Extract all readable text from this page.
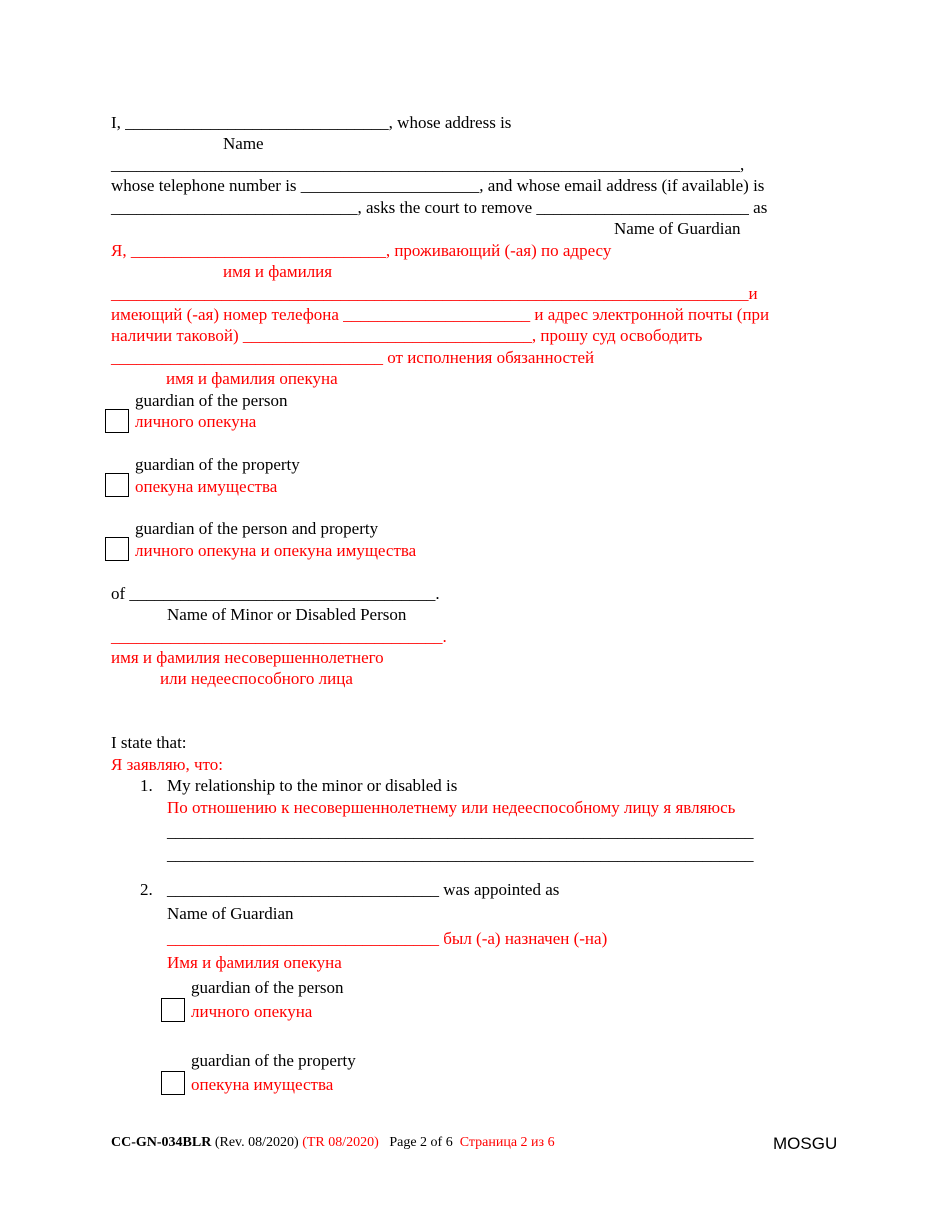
I, _______________________________, whose address is
Name
__________________________________________________________________________,
whose telephone number is _____________________, and whose email address (if available) is
_____________________________, asks the court to remove _________________________ as
Name of Guardian
Я, ______________________________, проживающий (-ая) по адресу
имя и фамилия
___________________________________________________________________________и
имеющий (-ая) номер телефона ______________________ и адрес электронной почты (при
наличии таковой) __________________________________, прошу суд освободить
________________________________ от исполнения обязанностей
имя и фамилия опекуна
guardian of the person
личного опекуна
guardian of the property
опекуна имущества
guardian of the person and property
личного опекуна и опекуна имущества
of ____________________________________.
Name of Minor or Disabled Person
_______________________________________.
имя и фамилия несовершеннолетнего
или недееспособного лица
I state that:
Я заявляю, что:
1. My relationship to the minor or disabled is
По отношению к несовершеннолетнему или недееспособному лицу я являюсь
_____________________________________________________________________
_____________________________________________________________________
2. ________________________________ was appointed as
Name of Guardian
________________________________ был (-а) назначен (-на)
Имя и фамилия опекуна
guardian of the person
личного опекуна
guardian of the property
опекуна имущества
CC-GN-034BLR (Rev. 08/2020) (TR 08/2020)   Page 2 of 6  Страница 2 из 6	MOSGU
